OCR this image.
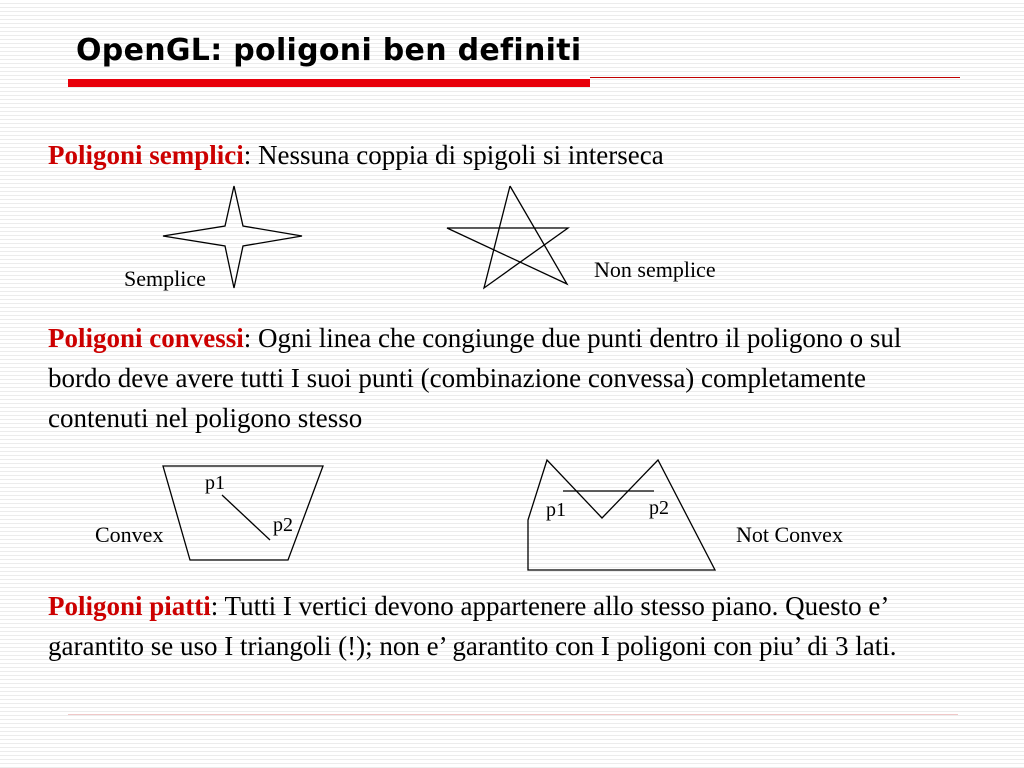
OpenGL: poligoni ben definiti

Poligoni semplici: Nessuna coppia di spigoli si interseca

Poligoni convessi: Ogni linea che congiunge due punti dentro il poligono o sul bordo deve avere tutti I suoi punti (combinazione convessa) completamente contenuti nel poligono stesso

Poligoni piatti: Tutti I vertici devono appartenere allo stesso piano. Questo e’ garantito se uso I triangoli (!); non e’ garantito con I poligoni con piu’ di 3 lati.

Semplice	Non semplice
Convex	Not Convex
p1
p2
p1	p2
